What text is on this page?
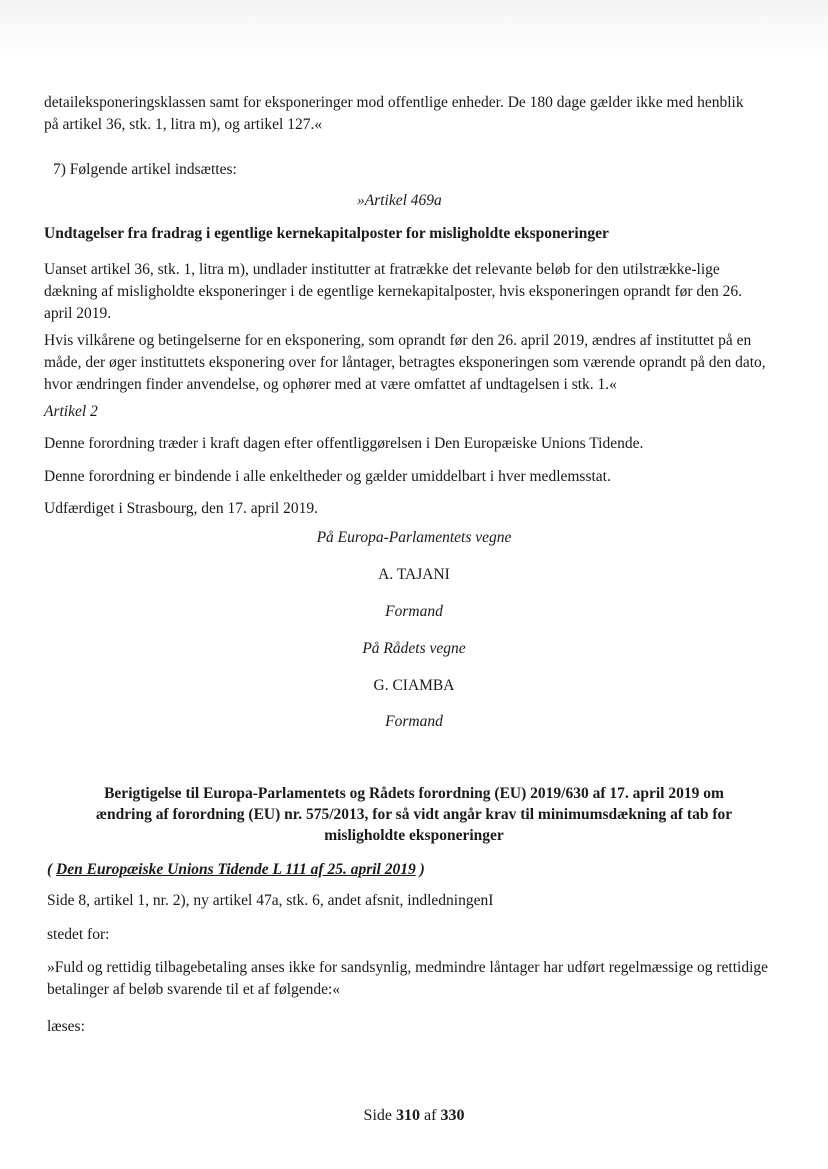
detaileksponeringsklassen samt for eksponeringer mod offentlige enheder. De 180 dage gælder ikke med henblik på artikel 36, stk. 1, litra m), og artikel 127.«

7) Følgende artikel indsættes:

»Artikel 469a

Undtagelser fra fradrag i egentlige kernekapitalposter for misligholdte eksponeringer

Uanset artikel 36, stk. 1, litra m), undlader institutter at fratrække det relevante beløb for den utilstrække-lige dækning af misligholdte eksponeringer i de egentlige kernekapitalposter, hvis eksponeringen oprandt før den 26. april 2019.

Hvis vilkårene og betingelserne for en eksponering, som oprandt før den 26. april 2019, ændres af instituttet på en måde, der øger instituttets eksponering over for låntager, betragtes eksponeringen som værende oprandt på den dato, hvor ændringen finder anvendelse, og ophører med at være omfattet af undtagelsen i stk. 1.«

Artikel 2

Denne forordning træder i kraft dagen efter offentliggørelsen i Den Europæiske Unions Tidende.

Denne forordning er bindende i alle enkeltheder og gælder umiddelbart i hver medlemsstat.

Udfærdiget i Strasbourg, den 17. april 2019.

På Europa-Parlamentets vegne

A. TAJANI

Formand

På Rådets vegne

G. CIAMBA

Formand

Berigtigelse til Europa-Parlamentets og Rådets forordning (EU) 2019/630 af 17. april 2019 om

ændring af forordning (EU) nr. 575/2013, for så vidt angår krav til minimumsdækning af tab for

misligholdte eksponeringer

( Den Europæiske Unions Tidende L 111 af 25. april 2019 )

Side 8, artikel 1, nr. 2), ny artikel 47a, stk. 6, andet afsnit, indledningenI

stedet for:

»Fuld og rettidig tilbagebetaling anses ikke for sandsynlig, medmindre låntager har udført regelmæssige og rettidige betalinger af beløb svarende til et af følgende:«

læses:

Side 310 af 330
